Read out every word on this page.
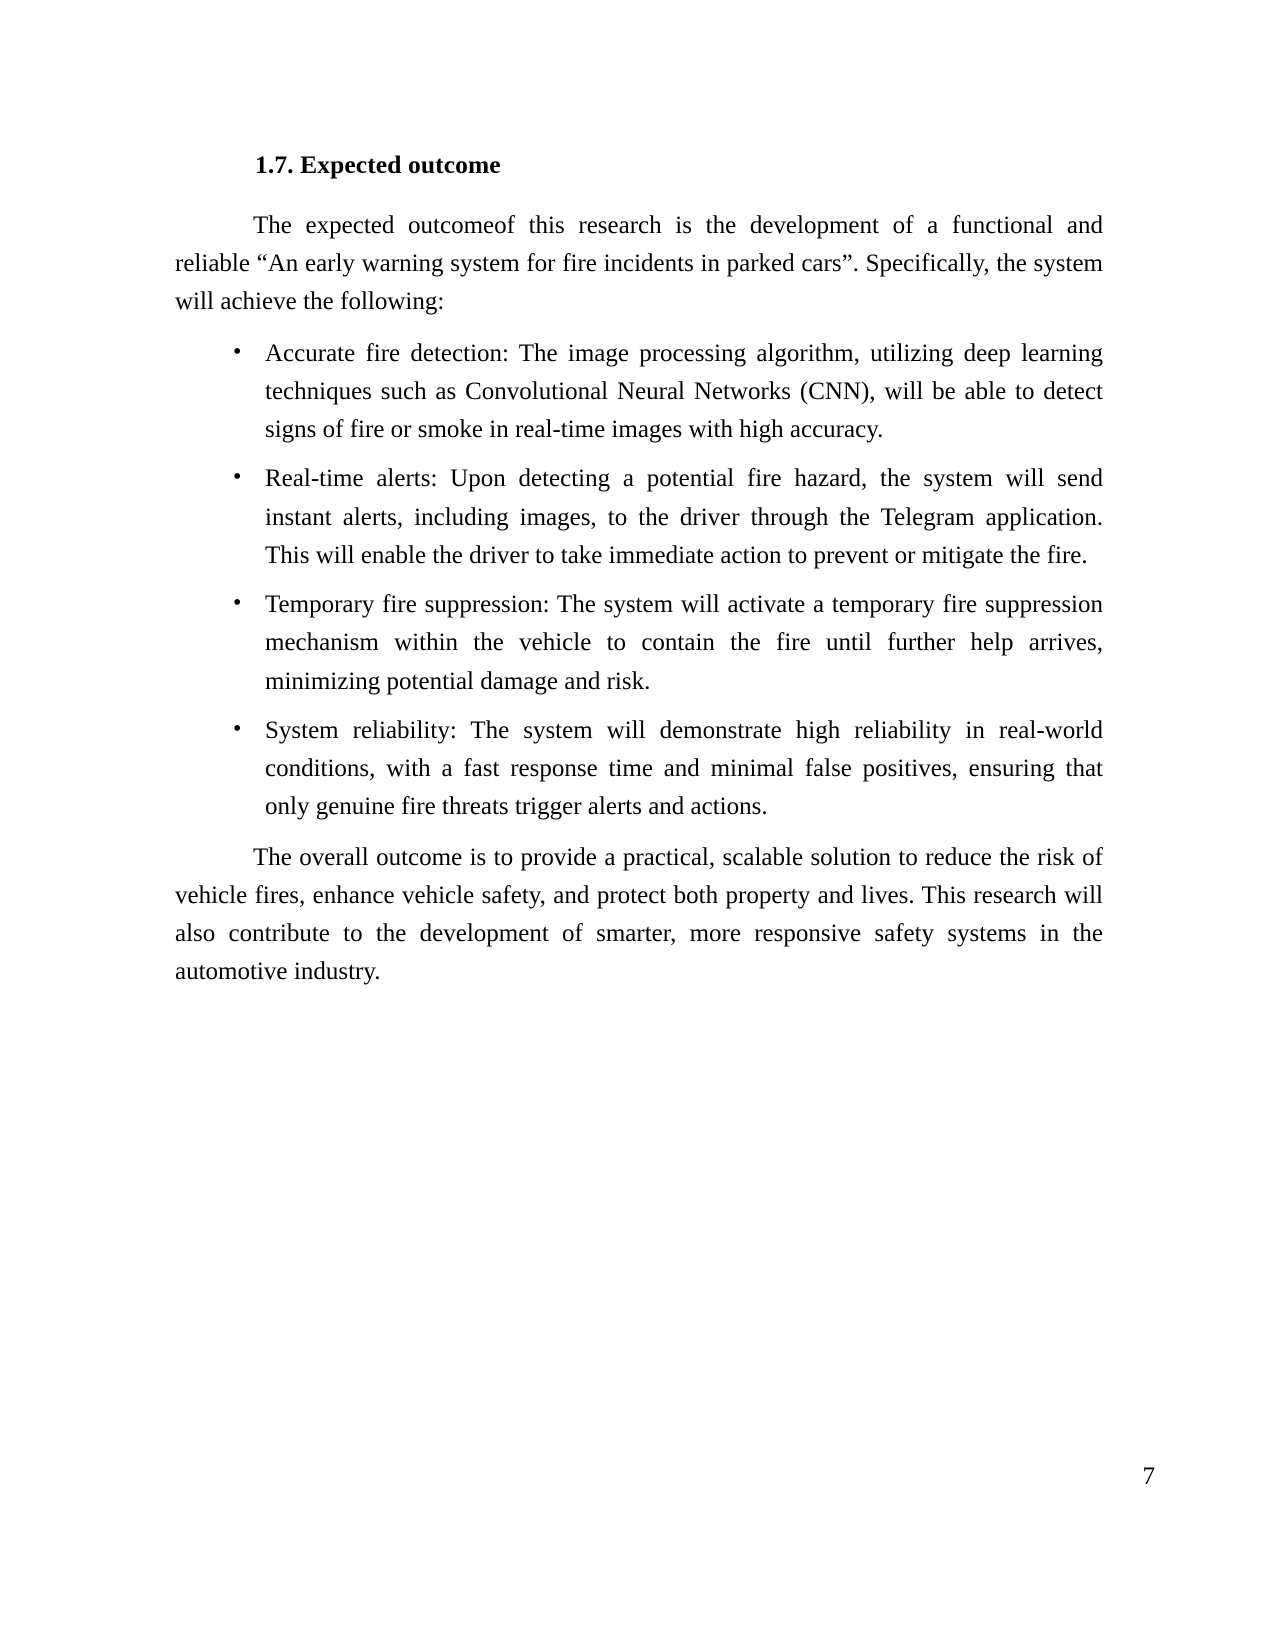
1.7. Expected outcome

The expected outcomeof this research is the development of a functional and reliable “An early warning system for fire incidents in parked cars”. Specifically, the system will achieve the following:

• Accurate fire detection: The image processing algorithm, utilizing deep learning techniques such as Convolutional Neural Networks (CNN), will be able to detect signs of fire or smoke in real-time images with high accuracy.
• Real-time alerts: Upon detecting a potential fire hazard, the system will send instant alerts, including images, to the driver through the Telegram application. This will enable the driver to take immediate action to prevent or mitigate the fire.
• Temporary fire suppression: The system will activate a temporary fire suppression mechanism within the vehicle to contain the fire until further help arrives, minimizing potential damage and risk.
• System reliability: The system will demonstrate high reliability in real-world conditions, with a fast response time and minimal false positives, ensuring that only genuine fire threats trigger alerts and actions.

The overall outcome is to provide a practical, scalable solution to reduce the risk of vehicle fires, enhance vehicle safety, and protect both property and lives. This research will also contribute to the development of smarter, more responsive safety systems in the automotive industry.

7
